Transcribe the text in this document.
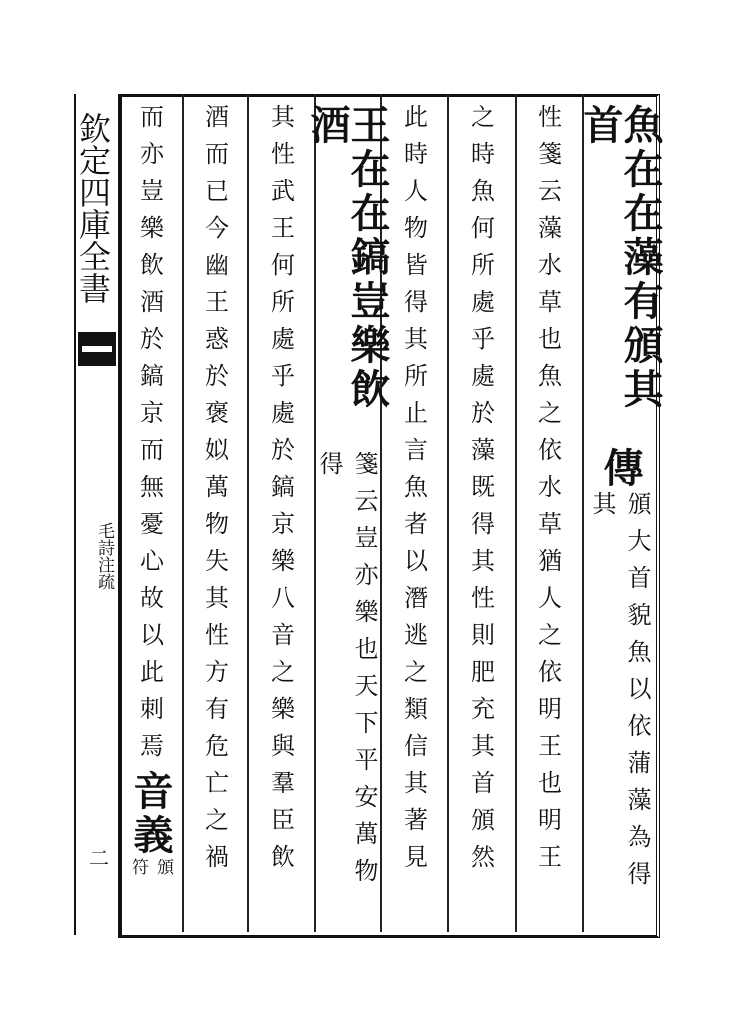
欽定四庫全書
毛詩注疏
二
魚在在藻有頒其首
傳
頒大首貌魚以依蒲藻為得其
性箋云藻水草也魚之依水草猶人之依明王也明王
之時魚何所處乎處於藻既得其性則肥充其首頒然
此時人物皆得其所止言魚者以潛逃之類信其著見
王在在鎬豈樂飲酒
箋云豈亦樂也天下平安萬物得
其性武王何所處乎處於鎬京樂八音之樂與羣臣飲
酒而已今幽王惑於褒姒萬物失其性方有危亡之禍
而亦豈樂飲酒於鎬京而無憂心故以此刺焉
音義
符 頒
